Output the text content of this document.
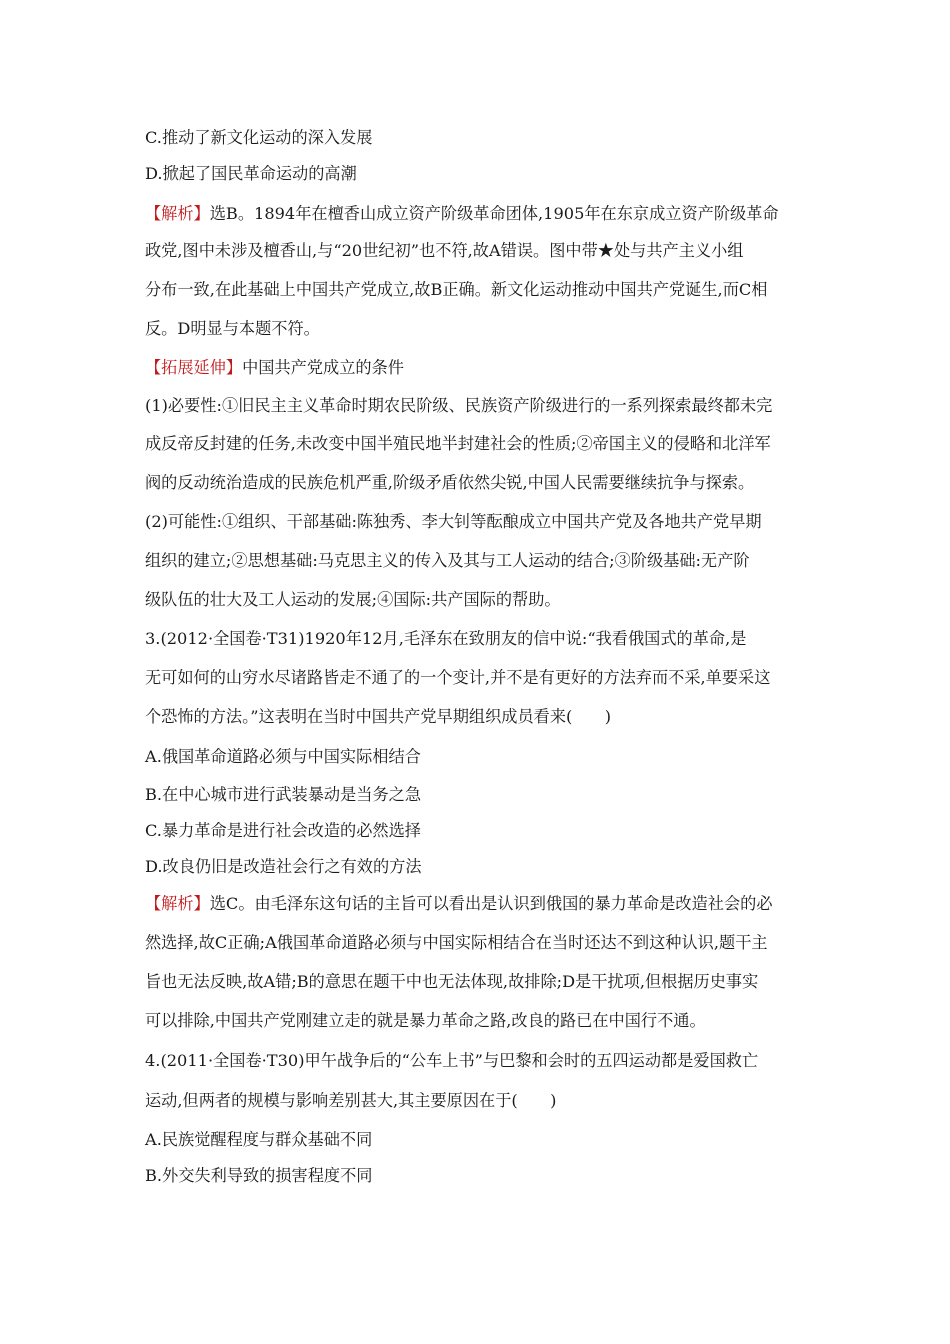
C.推动了新文化运动的深入发展
D.掀起了国民革命运动的高潮
【解析】选B。1894年在檀香山成立资产阶级革命团体,1905年在东京成立资产阶级革命
政党,图中未涉及檀香山,与“20世纪初”也不符,故A错误。图中带★处与共产主义小组
分布一致,在此基础上中国共产党成立,故B正确。新文化运动推动中国共产党诞生,而C相
反。D明显与本题不符。
【拓展延伸】中国共产党成立的条件
(1)必要性:①旧民主主义革命时期农民阶级、民族资产阶级进行的一系列探索最终都未完
成反帝反封建的任务,未改变中国半殖民地半封建社会的性质;②帝国主义的侵略和北洋军
阀的反动统治造成的民族危机严重,阶级矛盾依然尖锐,中国人民需要继续抗争与探索。
(2)可能性:①组织、干部基础:陈独秀、李大钊等酝酿成立中国共产党及各地共产党早期
组织的建立;②思想基础:马克思主义的传入及其与工人运动的结合;③阶级基础:无产阶
级队伍的壮大及工人运动的发展;④国际:共产国际的帮助。
3.(2012·全国卷·T31)1920年12月,毛泽东在致朋友的信中说:“我看俄国式的革命,是
无可如何的山穷水尽诸路皆走不通了的一个变计,并不是有更好的方法弃而不采,单要采这
个恐怖的方法。”这表明在当时中国共产党早期组织成员看来(　　)
A.俄国革命道路必须与中国实际相结合
B.在中心城市进行武装暴动是当务之急
C.暴力革命是进行社会改造的必然选择
D.改良仍旧是改造社会行之有效的方法
【解析】选C。由毛泽东这句话的主旨可以看出是认识到俄国的暴力革命是改造社会的必
然选择,故C正确;A俄国革命道路必须与中国实际相结合在当时还达不到这种认识,题干主
旨也无法反映,故A错;B的意思在题干中也无法体现,故排除;D是干扰项,但根据历史事实
可以排除,中国共产党刚建立走的就是暴力革命之路,改良的路已在中国行不通。
4.(2011·全国卷·T30)甲午战争后的“公车上书”与巴黎和会时的五四运动都是爱国救亡
运动,但两者的规模与影响差别甚大,其主要原因在于(　　)
A.民族觉醒程度与群众基础不同
B.外交失利导致的损害程度不同
